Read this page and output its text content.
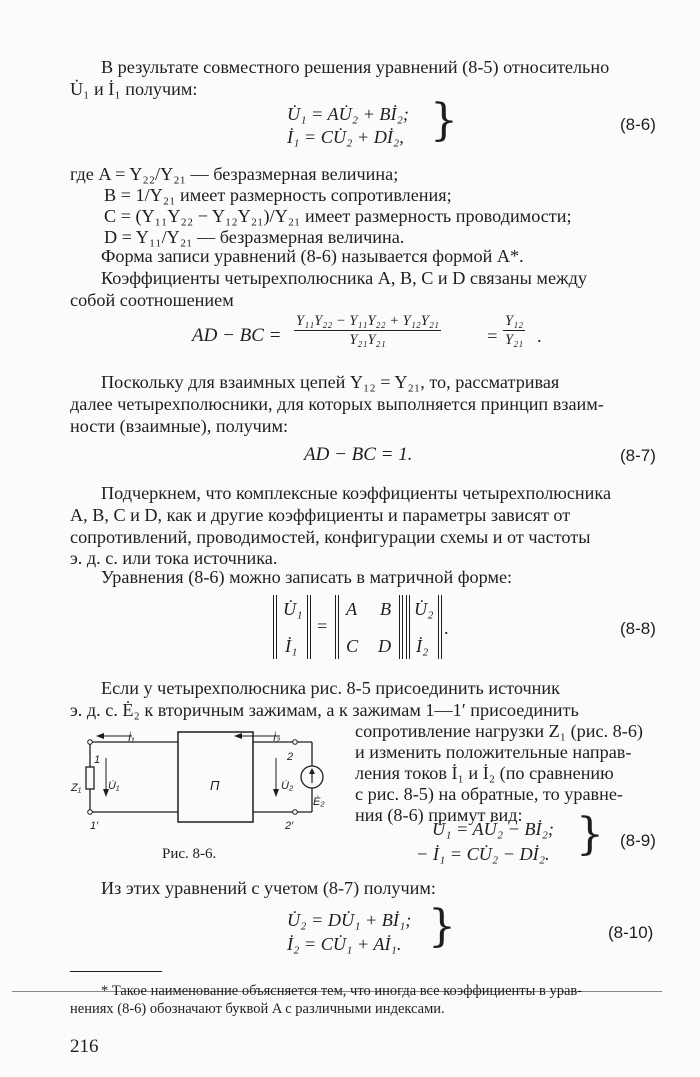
В результате совместного решения уравнений (8-5) относительно
U̇₁ и İ₁ получим:
U̇₁ = AU̇₂ + Bİ₂;
İ₁ = CU̇₂ + Dİ₂, }	(8-6)
где A = Y₂₂/Y₂₁ — безразмерная величина;
B = 1/Y₂₁ имеет размерность сопротивления;
C = (Y₁₁Y₂₂ − Y₁₂Y₂₁)/Y₂₁ имеет размерность проводимости;
D = Y₁₁/Y₂₁ — безразмерная величина.
Форма записи уравнений (8-6) называется формой A*.
Коэффициенты четырехполюсника A, B, C и D связаны между
собой соотношением
AD − BC = $\frac{\text{Y₁₁Y₂₂ − Y₁₁Y₂₂ + Y₁₂Y₂₁}}{\text{Y₂₁Y₂₁}} = \frac{\text{Y₁₂}}{\text{Y₂₁}}$ .
Поскольку для взаимных цепей Y₁₂ = Y₂₁, то, рассматривая
далее четырехполюсники, для которых выполняется принцип взаим-
ности (взаимные), получим:
AD − BC = 1.	(8-7)
Подчеркнем, что комплексные коэффициенты четырехполюсника
A, B, C и D, как и другие коэффициенты и параметры зависят от
сопротивлений, проводимостей, конфигурации схемы и от частоты
э. д. с. или тока источника.
Уравнения (8-6) можно записать в матричной форме:
U̇₁
İ₁
=
A B
C D
U̇₂
İ₂
.	(8-8)
Если у четырехполюсника рис. 8-5 присоединить источник
э. д. с. Ė₂ к вторичным зажимам, а к зажимам 1—1′ присоединить
сопротивление нагрузки Z₁ (рис. 8-6)
и изменить положительные направ-
ления токов İ₁ и İ₂ (по сравнению
с рис. 8-5) на обратные, то уравне-
ния (8-6) примут вид:
İ₁	İ₂
U̇₁	U̇₂
Z₁
Ė₂
1
1′
2
2′
П
Рис. 8-6.
U̇₁ = AU̇₂ − Bİ₂;
− İ₁ = CU̇₂ − Dİ₂. } (8-9)
Из этих уравнений с учетом (8-7) получим:
U̇₂ = DU̇₁ + Bİ₁;
İ₂ = CU̇₁ + Aİ₁. }	(8-10)
* Такое наименование объясняется тем, что иногда все коэффициенты в урав-
нениях (8-6) обозначают буквой A с различными индексами.
216
